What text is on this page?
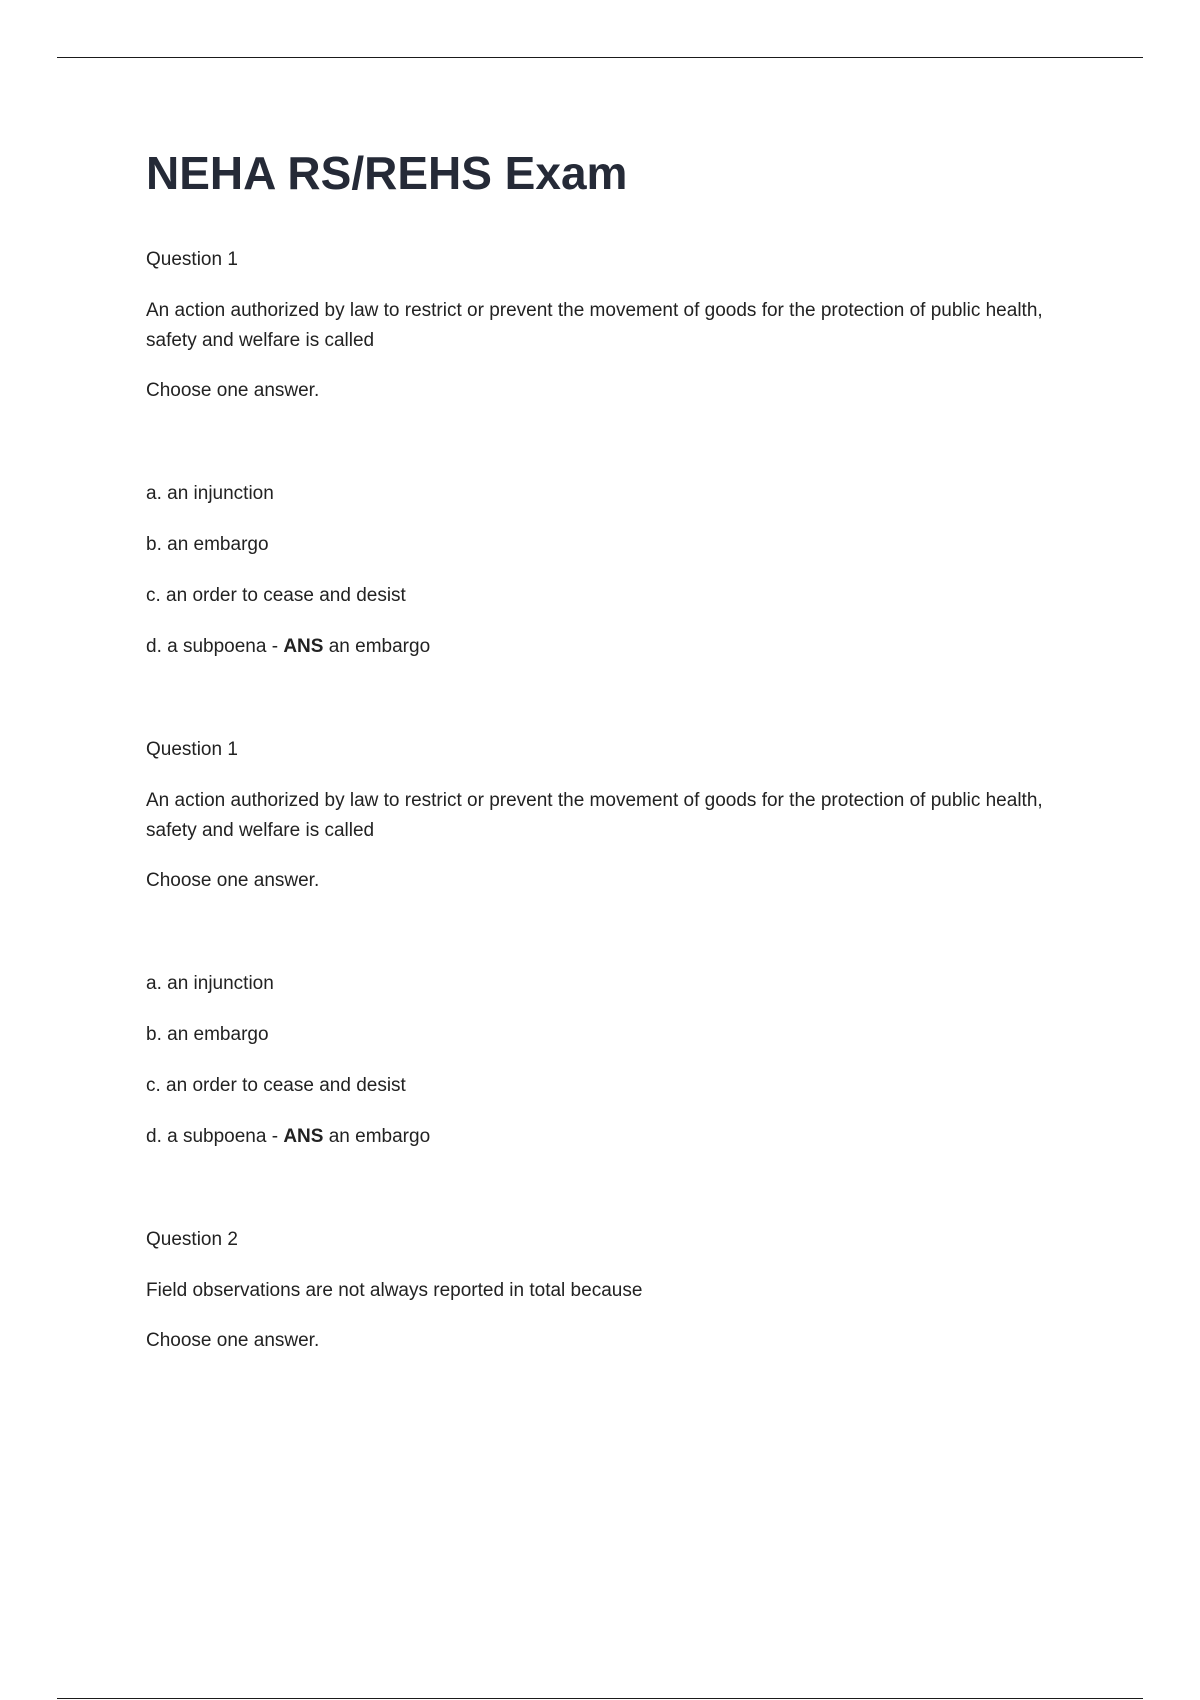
NEHA RS/REHS Exam

Question 1

An action authorized by law to restrict or prevent the movement of goods for the protection of public health, safety and welfare is called

Choose one answer.

a. an injunction

b. an embargo

c. an order to cease and desist

d. a subpoena - ANS an embargo

Question 1

An action authorized by law to restrict or prevent the movement of goods for the protection of public health, safety and welfare is called

Choose one answer.

a. an injunction

b. an embargo

c. an order to cease and desist

d. a subpoena - ANS an embargo

Question 2

Field observations are not always reported in total because

Choose one answer.
